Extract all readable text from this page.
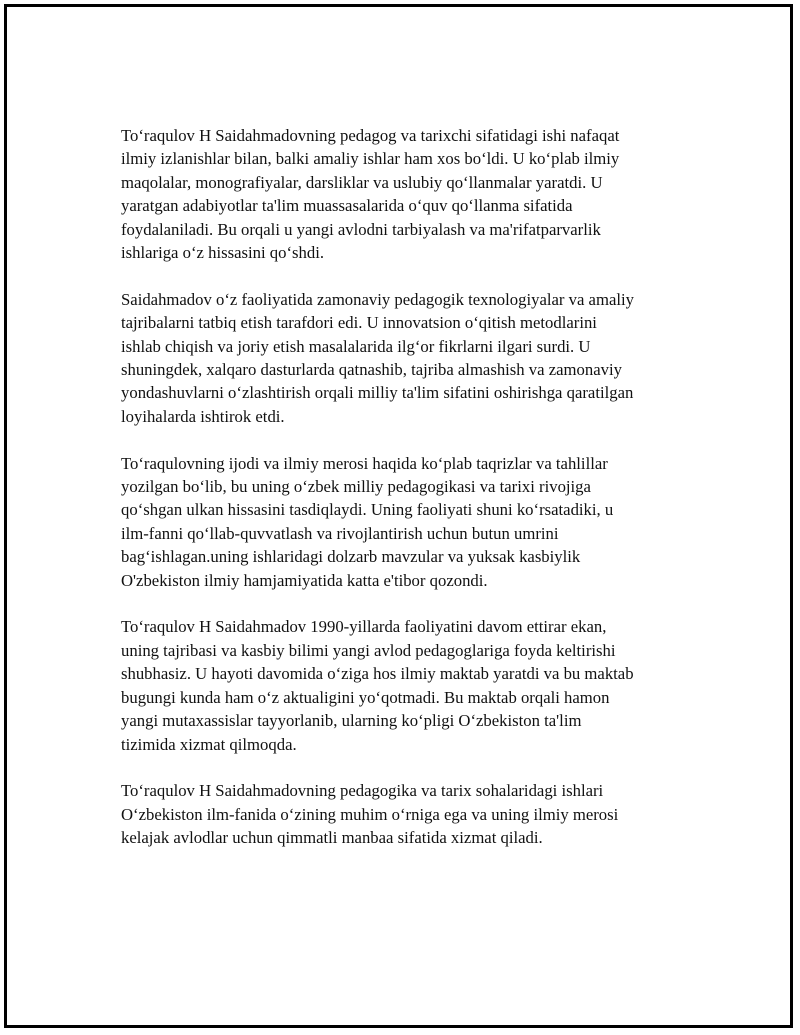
To‘raqulov H Saidahmadovning pedagog va tarixchi sifatidagi ishi nafaqat
ilmiy izlanishlar bilan, balki amaliy ishlar ham xos bo‘ldi. U ko‘plab ilmiy
maqolalar, monografiyalar, darsliklar va uslubiy qo‘llanmalar yaratdi. U
yaratgan adabiyotlar ta'lim muassasalarida o‘quv qo‘llanma sifatida
foydalaniladi. Bu orqali u yangi avlodni tarbiyalash va ma'rifatparvarlik
ishlariga o‘z hissasini qo‘shdi.

Saidahmadov o‘z faoliyatida zamonaviy pedagogik texnologiyalar va amaliy
tajribalarni tatbiq etish tarafdori edi. U innovatsion o‘qitish metodlarini
ishlab chiqish va joriy etish masalalarida ilg‘or fikrlarni ilgari surdi. U
shuningdek, xalqaro dasturlarda qatnashib, tajriba almashish va zamonaviy
yondashuvlarni o‘zlashtirish orqali milliy ta'lim sifatini oshirishga qaratilgan
loyihalarda ishtirok etdi.

To‘raqulovning ijodi va ilmiy merosi haqida ko‘plab taqrizlar va tahlillar
yozilgan bo‘lib, bu uning o‘zbek milliy pedagogikasi va tarixi rivojiga
qo‘shgan ulkan hissasini tasdiqlaydi. Uning faoliyati shuni ko‘rsatadiki, u
ilm-fanni qo‘llab-quvvatlash va rivojlantirish uchun butun umrini
bag‘ishlagan.uning ishlaridagi dolzarb mavzular va yuksak kasbiylik
O'zbekiston ilmiy hamjamiyatida katta e'tibor qozondi.

To‘raqulov H Saidahmadov 1990-yillarda faoliyatini davom ettirar ekan,
uning tajribasi va kasbiy bilimi yangi avlod pedagoglariga foyda keltirishi
shubhasiz. U hayoti davomida o‘ziga hos ilmiy maktab yaratdi va bu maktab
bugungi kunda ham o‘z aktualigini yo‘qotmadi. Bu maktab orqali hamon
yangi mutaxassislar tayyorlanib, ularning ko‘pligi O‘zbekiston ta'lim
tizimida xizmat qilmoqda.

To‘raqulov H Saidahmadovning pedagogika va tarix sohalaridagi ishlari
O‘zbekiston ilm-fanida o‘zining muhim o‘rniga ega va uning ilmiy merosi
kelajak avlodlar uchun qimmatli manbaa sifatida xizmat qiladi.
